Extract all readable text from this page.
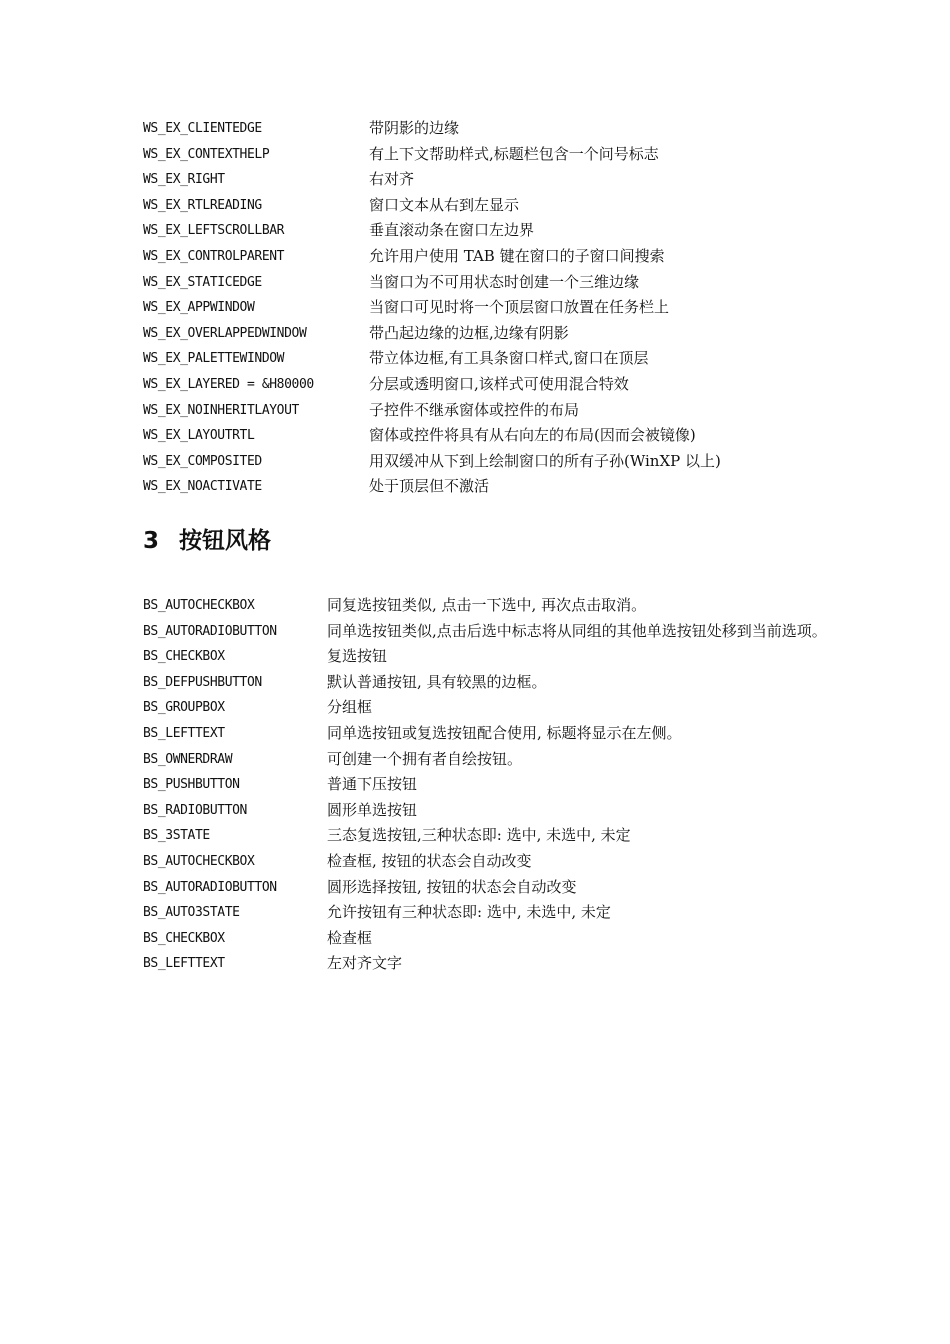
WS_EX_CLIENTEDGE	带阴影的边缘
WS_EX_CONTEXTHELP	有上下文帮助样式,标题栏包含一个问号标志
WS_EX_RIGHT	右对齐
WS_EX_RTLREADING	窗口文本从右到左显示
WS_EX_LEFTSCROLLBAR	垂直滚动条在窗口左边界
WS_EX_CONTROLPARENT	允许用户使用 TAB 键在窗口的子窗口间搜索
WS_EX_STATICEDGE	当窗口为不可用状态时创建一个三维边缘
WS_EX_APPWINDOW	当窗口可见时将一个顶层窗口放置在任务栏上
WS_EX_OVERLAPPEDWINDOW	带凸起边缘的边框,边缘有阴影
WS_EX_PALETTEWINDOW	带立体边框,有工具条窗口样式,窗口在顶层
WS_EX_LAYERED = &H80000	分层或透明窗口,该样式可使用混合特效
WS_EX_NOINHERITLAYOUT	子控件不继承窗体或控件的布局
WS_EX_LAYOUTRTL	窗体或控件将具有从右向左的布局(因而会被镜像)
WS_EX_COMPOSITED	用双缓冲从下到上绘制窗口的所有子孙(WinXP 以上)
WS_EX_NOACTIVATE	处于顶层但不激活
3 按钮风格
BS_AUTOCHECKBOX	同复选按钮类似, 点击一下选中, 再次点击取消。
BS_AUTORADIOBUTTON	同单选按钮类似,点击后选中标志将从同组的其他单选按钮处移到当前选项。
BS_CHECKBOX	复选按钮
BS_DEFPUSHBUTTON	默认普通按钮, 具有较黑的边框。
BS_GROUPBOX	分组框
BS_LEFTTEXT	同单选按钮或复选按钮配合使用, 标题将显示在左侧。
BS_OWNERDRAW	可创建一个拥有者自绘按钮。
BS_PUSHBUTTON	普通下压按钮
BS_RADIOBUTTON	圆形单选按钮
BS_3STATE	三态复选按钮,三种状态即: 选中, 未选中, 未定
BS_AUTOCHECKBOX	检查框, 按钮的状态会自动改变
BS_AUTORADIOBUTTON	圆形选择按钮, 按钮的状态会自动改变
BS_AUTO3STATE	允许按钮有三种状态即: 选中, 未选中, 未定
BS_CHECKBOX	检查框
BS_LEFTTEXT	左对齐文字
